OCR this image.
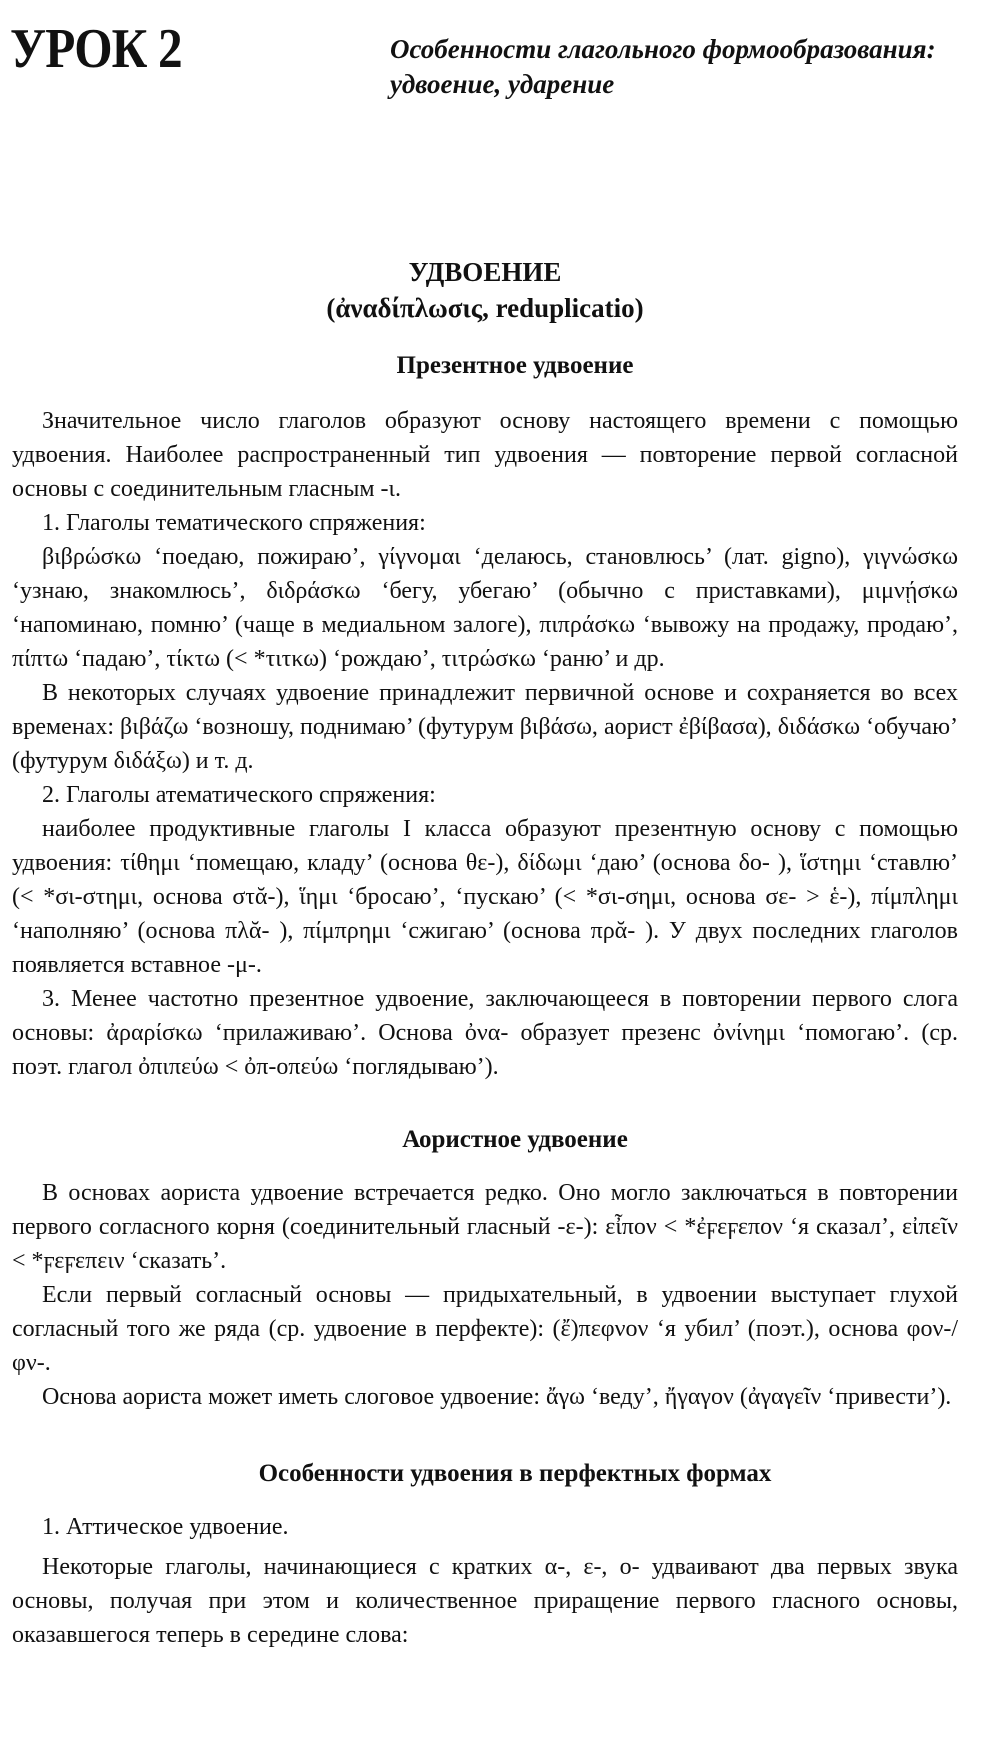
УРОК 2	Особенности глагольного формообразования:
удвоение, ударение
УДВОЕНИЕ
(ἀναδίπλωσις, reduplicatio)
Презентное удвоение

Значительное число глаголов образуют основу настоящего времени с помощью удвоения. Наиболее распространенный тип удвоения — повторение первой согласной основы с соединительным гласным -ι.

1. Глаголы тематического спряжения:

βιβρώσκω ‘поедаю, пожираю’, γίγνομαι ‘делаюсь, становлюсь’ (лат. gigno), γιγνώσκω ‘узнаю, знакомлюсь’, διδράσκω ‘бегу, убегаю’ (обычно с приставками), μιμνῄσκω ‘напоминаю, помню’ (чаще в медиальном залоге), πιπράσκω ‘вывожу на продажу, продаю’, πίπτω ‘падаю’, τίκτω (< *τιτκω) ‘рождаю’, τιτρώσκω ‘раню’ и др.

В некоторых случаях удвоение принадлежит первичной основе и сохраняется во всех временах: βιβάζω ‘возношу, поднимаю’ (футурум βιβάσω, аорист ἐβίβασα), διδάσκω ‘обучаю’ (футурум διδάξω) и т. д.

2. Глаголы атематического спряжения:

наиболее продуктивные глаголы I класса образуют презентную основу с помощью удвоения: τίθημι ‘помещаю, кладу’ (основа θε-), δίδωμι ‘даю’ (основа δο- ), ἵστημι ‘ставлю’ (< *σι-στημι, основа στᾰ-), ἵημι ‘бросаю’, ‘пускаю’ (< *σι-σημι, основа σε- > ἑ-), πίμπλημι ‘наполняю’ (основа πλᾰ- ), πίμπρημι ‘сжигаю’ (основа πρᾰ- ). У двух последних глаголов появляется вставное -μ-.

3. Менее частотно презентное удвоение, заключающееся в повторении первого слога основы: ἀραρίσκω ‘прилаживаю’. Основа ὀνα- образует презенс ὀνίνημι ‘помогаю’. (ср. поэт. глагол ὀπιπεύω < ὀπ-οπεύω ‘поглядываю’).

Аористное удвоение

В основах аориста удвоение встречается редко. Оно могло заключаться в повторении первого согласного корня (соединительный гласный -ε-): εἶπον < *ἐϝεϝεπον ‘я сказал’, εἰπεῖν < *ϝεϝεπειν ‘сказать’.

Если первый согласный основы — придыхательный, в удвоении выступает глухой согласный того же ряда (ср. удвоение в перфекте): (ἔ)πεφνον ‘я убил’ (поэт.), основа φον-/φν-.

Основа аориста может иметь слоговое удвоение: ἄγω ‘веду’, ἤγαγον (ἀγαγεῖν ‘привести’).

Особенности удвоения в перфектных формах

1. Аттическое удвоение.

Некоторые глаголы, начинающиеся с кратких α-, ε-, ο- удваивают два первых звука основы, получая при этом и количественное приращение первого гласного основы, оказавшегося теперь в середине слова:
